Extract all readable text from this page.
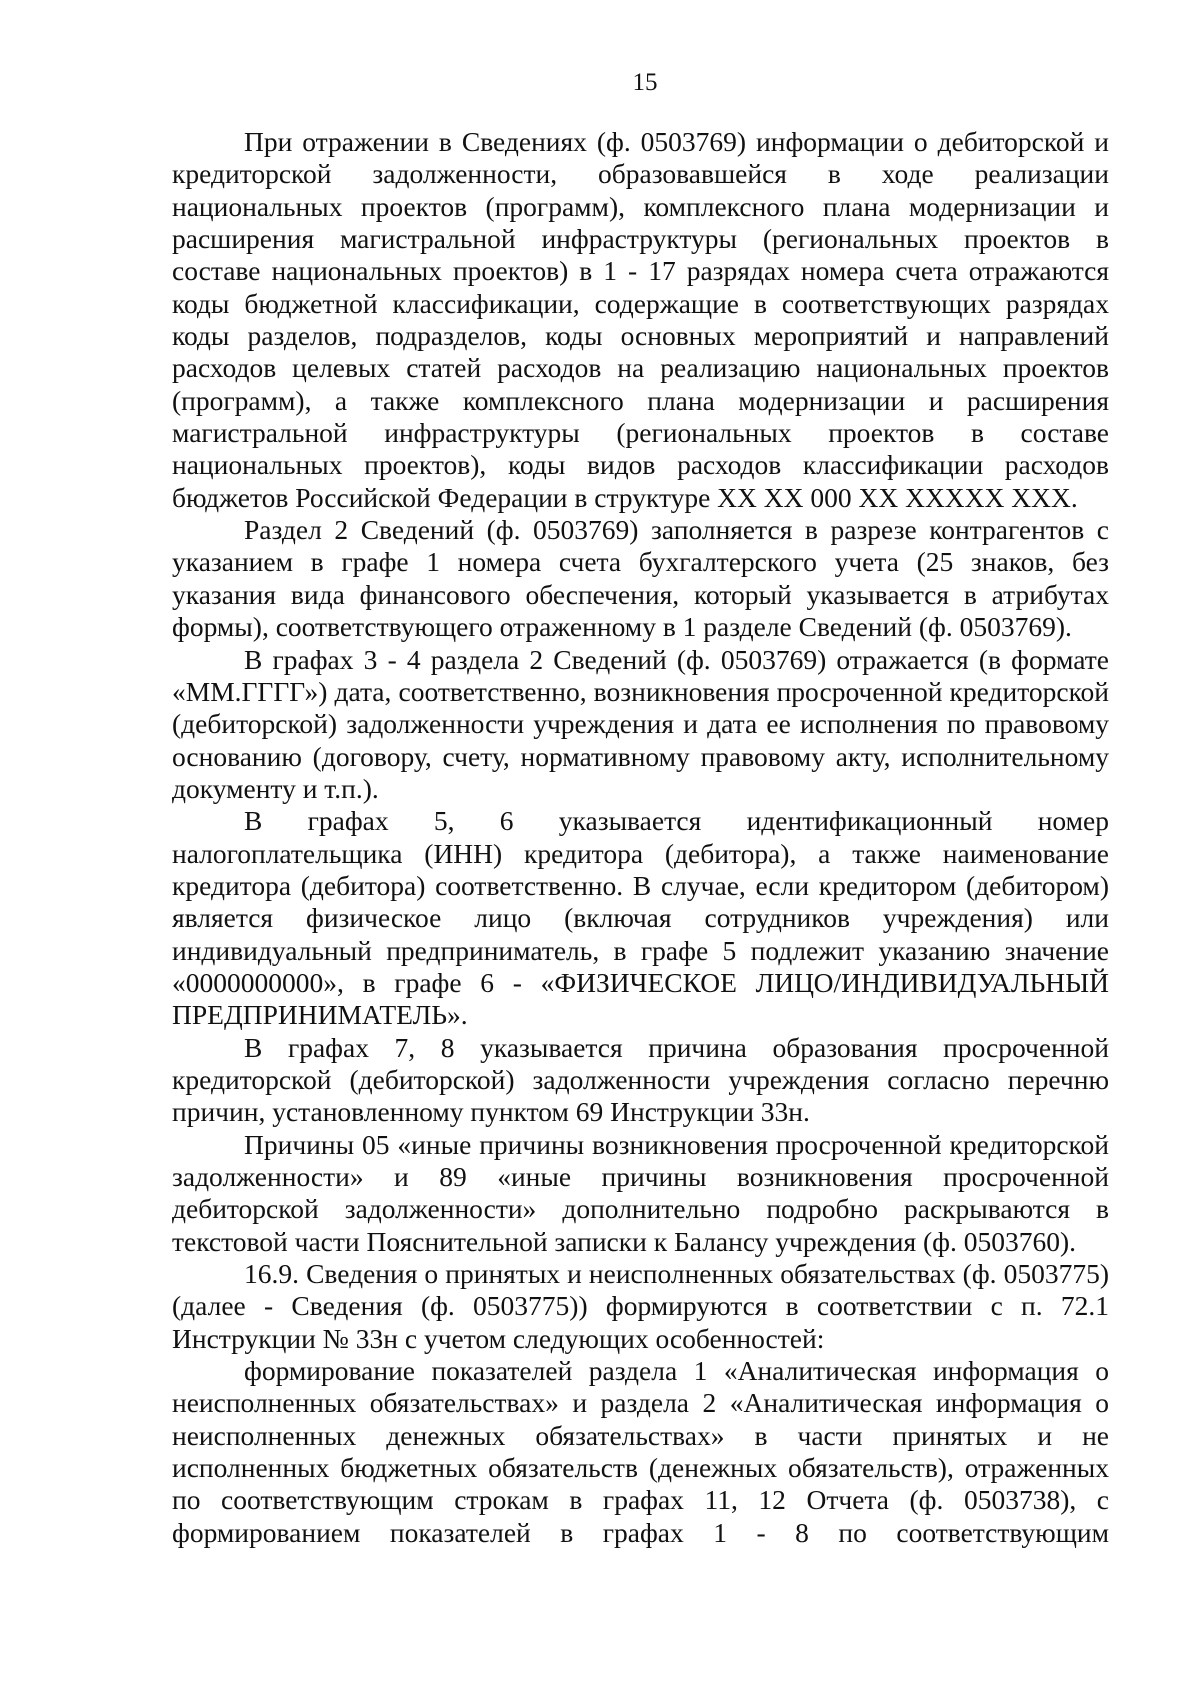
15

При отражении в Сведениях (ф. 0503769) информации о дебиторской и кредиторской задолженности, образовавшейся в ходе реализации национальных проектов (программ), комплексного плана модернизации и расширения магистральной инфраструктуры (региональных проектов в составе национальных проектов) в 1 - 17 разрядах номера счета отражаются коды бюджетной классификации, содержащие в соответствующих разрядах коды разделов, подразделов, коды основных мероприятий и направлений расходов целевых статей расходов на реализацию национальных проектов (программ), а также комплексного плана модернизации и расширения магистральной инфраструктуры (региональных проектов в составе национальных проектов), коды видов расходов классификации расходов бюджетов Российской Федерации в структуре ХХ ХХ 000 ХХ ХХХХХ ХХХ.

Раздел 2 Сведений (ф. 0503769) заполняется в разрезе контрагентов с указанием в графе 1 номера счета бухгалтерского учета (25 знаков, без указания вида финансового обеспечения, который указывается в атрибутах формы), соответствующего отраженному в 1 разделе Сведений (ф. 0503769).

В графах 3 - 4 раздела 2 Сведений (ф. 0503769) отражается (в формате «ММ.ГГГГ») дата, соответственно, возникновения просроченной кредиторской (дебиторской) задолженности учреждения и дата ее исполнения по правовому основанию (договору, счету, нормативному правовому акту, исполнительному документу и т.п.).

В графах 5, 6 указывается идентификационный номер налогоплательщика (ИНН) кредитора (дебитора), а также наименование кредитора (дебитора) соответственно. В случае, если кредитором (дебитором) является физическое лицо (включая сотрудников учреждения) или индивидуальный предприниматель, в графе 5 подлежит указанию значение «0000000000», в графе 6 - «ФИЗИЧЕСКОЕ ЛИЦО/ИНДИВИДУАЛЬНЫЙ ПРЕДПРИНИМАТЕЛЬ».

В графах 7, 8 указывается причина образования просроченной кредиторской (дебиторской) задолженности учреждения согласно перечню причин, установленному пунктом 69 Инструкции 33н.

Причины 05 «иные причины возникновения просроченной кредиторской задолженности» и 89 «иные причины возникновения просроченной дебиторской задолженности» дополнительно подробно раскрываются в текстовой части Пояснительной записки к Балансу учреждения (ф. 0503760).

16.9. Сведения о принятых и неисполненных обязательствах (ф. 0503775) (далее - Сведения (ф. 0503775)) формируются в соответствии с п. 72.1 Инструкции № 33н с учетом следующих особенностей:

формирование показателей раздела 1 «Аналитическая информация о неисполненных обязательствах» и раздела 2 «Аналитическая информация о неисполненных денежных обязательствах» в части принятых и не исполненных бюджетных обязательств (денежных обязательств), отраженных по соответствующим строкам в графах 11, 12 Отчета (ф. 0503738), с формированием показателей в графах 1 - 8 по соответствующим
